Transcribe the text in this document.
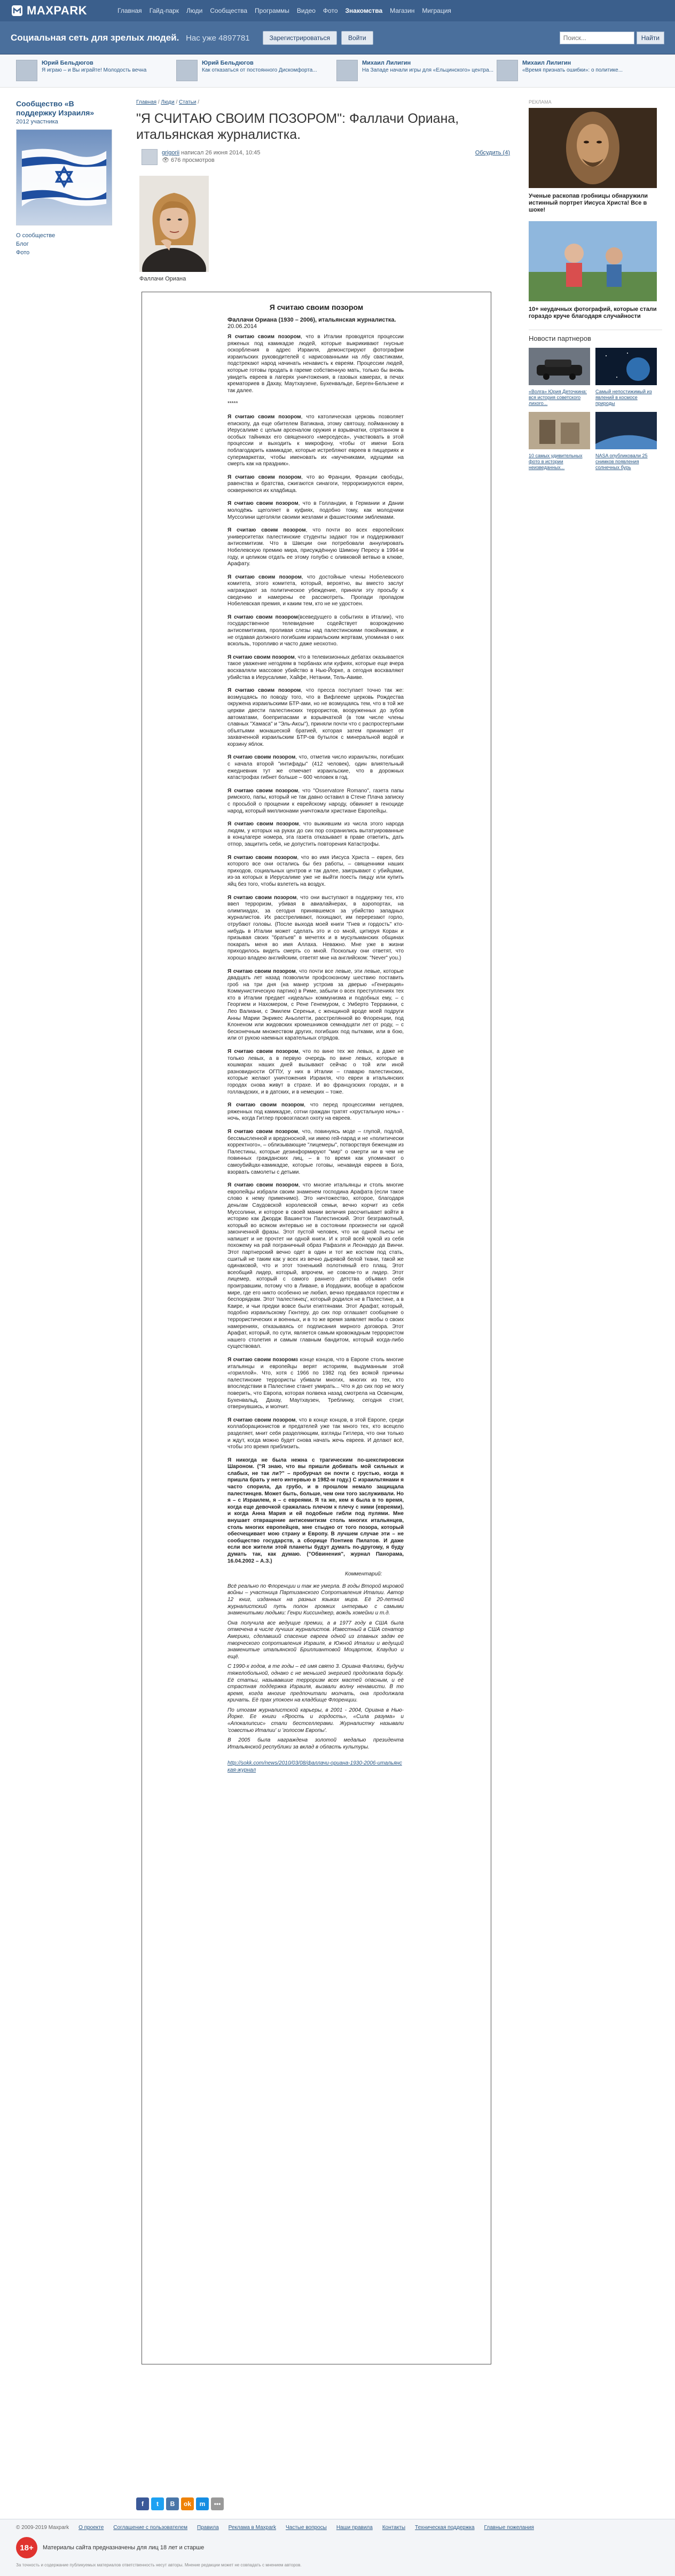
MAXPARK	Главная Гайд-парк Люди Сообщества Программы Видео Фото Знакомства Магазин Миграция
Социальная сеть для зрелых людей. Нас уже 4897781	Зарегистрироваться	Войти
Поиск...	Найти
Юрий Бельдюгов
Я играю – и Вы играйте! Молодость вечна
Юрий Бельдюгов
Как отказаться от постоянного Дискомфорта...
Михаил Лилигин
На Западе начали игры для «Ельцинского» центра...
Михаил Лилигин
«Время признать ошибки»: о политике...
Сообщество «В поддержку Израиля»
2012 участника
О сообществе
Блог
Фото
Главная / Люди / Статьи /
"Я СЧИТАЮ СВОИМ ПОЗОРОМ": Фаллачи Ориана, итальянская журналистка.
grigorii написал 26 июня 2014, 10:45
👁 676 просмотров
Обсудить (4)
Фаллачи Ориана
Я считаю своим позором
Фаллачи Ориана (1930 – 2006), итальянская журналистка.
20.06.2014

Я считаю своим позором, что в Италии проводятся процессии ряженых под камикадзе людей, которые выкрикивают гнусные оскорбления в адрес Израиля, демонстрируют фотографии израильских руководителей с нарисованными на лбу свастиками, подстрекают народ начинать ненависть к евреям. Процессии людей, которые готовы продать в гареме собственную мать, только бы вновь увидеть евреев в лагерях уничтожения, в газовых камерах, в печах крематориев в Дахау, Маутхаузене, Бухенвальде, Берген-Бельзене и так далее.

*****

Я считаю своим позором, что католическая церковь позволяет епископу, да еще обителем Ватикана, этому святошу, пойманному в Иерусалиме с целым арсеналом оружия и взрывчатки, спрятанном в особых тайниках его священного «мерседеса», участвовать в этой процессии и выходить к микрофону, чтобы от имени Бога поблагодарить камикадзе, которые истребляют евреев в пиццериях и супермаркетах, чтобы именовать их «мучениками, идущими на смерть как на праздник».

Я считаю своим позором, что во Франции, Франции свободы, равенства и братства, сжигаются синагоги, терроризируются евреи, оскверняются их кладбища.

Я считаю своим позором, что в Голландии, в Германии и Дании молодёжь щеголяет в куфиях, подобно тому, как молодчики Муссолини щеголяли своими жезлами и фашистскими эмблемами.

Я считаю своим позором, что почти во всех европейских университетах палестинские студенты задают тон и поддерживают антисемитизм. Что в Швеции они потребовали аннулировать Нобелевскую премию мира, присуждённую Шимону Пересу в 1994-м году, и целиком отдать ее этому голубю с оливковой ветвью в клюве, Арафату.

Я считаю своим позором, что достойные члены Нобелевского комитета, этого комитета, который, вероятно, вы вместо заслуг награждают за политическое убеждение, приняли эту просьбу к сведению и намерены ее рассмотреть. Пропади пропадом Нобелевская премия, и каким тем, кто не не удостоен.

Я считаю своим позором(всеведущего в событиях в Италии), что государственное телевидение содействует возрождению антисемитизма, проливая слезы над палестинскими покойниками, и не отдавая должного погибшим израильским жертвам, упоминая о них вскользь, торопливо и часто даже неохотно.

Я считаю своим позором, что в телевизионных дебатах оказывается такое уважение негодяям в тюрбанах или куфиях, которые еще вчера восхваляли массовое убийство в Нью-Йорке, а сегодня восхваляют убийства в Иерусалиме, Хайфе, Нетании, Тель-Авиве.

Я считаю своим позором, что пресса поступает точно так же: возмущаясь по поводу того, что в Вифлееме церковь Рождества окружена израильскими БТР-ами, но не возмущаясь тем, что в той же церкви двести палестинских террористов, вооруженных до зубов автоматами, боеприпасами и взрывчаткой (в том числе члены славных "Хамаса" и "Эль-Аксы"), приняли почти что с распростертыми объятьями монашеской братией, которая затем принимает от захваченной израильским БТР-ов бутылок с минеральной водой и корзину яблок.

Я считаю своим позором, что, отметив число израильтян, погибших с начала второй "интифады" (412 человек), один влиятельный ежедневник тут же отмечает израильские, что в дорожных катастрофах гибнет больше – 600 человек в год.

Я считаю своим позором, что "Osservatore Romano", газета папы римского, папы, который не так давно оставил в Стене Плача записку с просьбой о прощении к еврейскому народу, обвиняет в геноциде народ, который миллионами уничтожали христиане Европейцы.

Я считаю своим позором, что выжившим из числа этого народа людям, у которых на руках до сих пор сохранились вытатуированные в концлагере номера, эта газета отказывает в праве ответить, дать отпор, защитить себя, не допустить повторения Катастрофы.

Я считаю своим позором, что во имя Иисуса Христа – еврея, без которого все они остались бы без работы, – священники наших приходов, социальных центров и так далее, заигрывают с убийцами, из-за которых в Иерусалиме уже не выйти поесть пиццу или купить яйц без того, чтобы взлететь на воздух.

Я считаю своим позором, что они выступают в поддержку тех, кто ввел терроризм, убивая в авиалайнерах, в аэропортах, на олимпиадах, за сегодня принявшемся за убийство западных журналистов. Их расстреливают, похищают, им перерезают горло, отрубают головы. (После выхода моей книги "Гнев и гордость" кто-нибудь в Италии может сделать это и со мной, цитируя Коран и призывая своих "братьев" в мечетях и в мусульманских общинах покарать меня во имя Аллаха. Неважно. Мне уже в жизни приходилось видеть смерть со мной. Поскольку они ответят, что хорошо владею английским, ответят мне на английском: "Never" you.)

Я считаю своим позором, что почти все левые, эти левые, которые двадцать лет назад позволили профсоюзному шествию поставить гроб на три дня (на манер устроив за дверью «Генерация» Коммунистическую партию) в Риме, забыли о всех преступлениях тех кто в Италии предает «идеалы» коммунизма и подобных ему, – с Георгием и Нахомером, с Рене Генемуром, с Умберто Терракини, с Лео Валиани, с Эмилем Сереньи, с женщиной вроде моей подруги Анны Марии Энрикес Аньолетти, расстрелянной во Флоренции, под Клоненом или жидовских кромешников семнадцати лет от роду, – с бесконечным множеством других, погибших под пытками, или в бою, или от рукою наемных карательных отрядов.

Я считаю своим позором, что по вине тех же левых, а даже не только левых, а в первую очередь по вине левых, которые в кошмарах наших дней вызывают сейчас о той или иной разновидности ОГПУ, у них в Италии – главарю палестинских, которые желают уничтожения Израиля, что евреи в итальянских городах снова живут в страхе. И во французских городах, и в голландских, и в датских, и в немецких – тоже.

Я считаю своим позором, что перед процессиями негодяев, ряженных под камикадзе, сотни граждан тратят «хрустальную ночь» - ночь, когда Гитлер провозгласил охоту на евреев.

Я считаю своим позором, что, повинуясь моде – глупой, подлой, бессмысленной и вредоносной, ни имею гей-парад и не «политически корректного», – облизывающие "лицемеры", потворствуя беженцам из Палестины, которые дезинформируют "мир" о смерти ни в чем не повинных гражданских лиц, – в то время как упоминают о самоубийцах-камикадзе, которые готовы, ненавидя евреев в Бога, взорвать самолеты с детьми.

Я считаю своим позором, что многие итальянцы и столь многие европейцы избрали своим знаменем господина Арафата (если такое слово к нему применимо). Это ничтожество, которое, благодаря деньгам Саудовской королевской семьи, вечно корчит из себя Муссолини, и которое в своей мании величия рассчитывает войти в историю как Джордж Вашингтон Палестинский. Этот безграмотный, который во всяком интервью не в состоянии произнести ни одной законченной фразы. Этот пустой человек, что ни одной пьесы не напишет и не прочтет ни одной книги. И к этой всей чужой из себя похожему на рай пограничный образ Рафаэля и Леонардо да Винчи. Этот партнерский вечно одет в один и тот же костюм под стать, сшитый не таким как у всех из вечно дырявой белой ткани, такой же одинаковой, что и этот тоненький полотняный его плащ. Этот всеобщий лидер, который, впрочем, не совсем-то и лидер. Этот лицемер, который с самого раннего детства объявил себя проигравшим, потому что в Ливане, в Иордании, вообще в арабском мире, где его никто особенно не любил, вечно предавался горестям и беспорядкам. Этот 'палестинец', который родился не в Палестине, а в Каире, и чьи предки вовсе были египтянами. Этот Арафат, который, подобно израильскому Гюнтеру, до сих пор оглашает сообщение о террористических и военных, и в то же время заявляет якобы о своих намерениях, отказываясь от подписания мирного договора. Этот Арафат, который, по сути, является самым кровожадным террористом нашего столетия и самым главным бандитом, который когда-либо существовал.

Я считаю своим позоромв конце концов, что в Европе столь многие итальянцы и европейцы верят историям, выдуманным этой «гориллой». Что, хотя с 1966 по 1982 год без всякой причины палестинские террористы убивали многих, многих из тех, кто впоследствии в Палестине станет умирать... Что я до сих пор не могу поверить, что Европа, которая полвека назад смотрела на Освенцим, Бухенвальд, Дахау, Маутхаузен, Треблинку, сегодня стоит, отвернувшись, и молчит.

Я считаю своим позором, что в конце концов, в этой Европе, среди коллаборационистов и предателей уже так много тех, кто всецело разделяет, мнит себя разделяющим, взгляды Гитлера, что они только и ждут, когда можно будет снова начать жечь евреев. И делают всё, чтобы это время приблизить.

Я никогда не была нежна с трагическим по-шекспировски Шароном. ("Я знаю, что вы пришли добивать мой сильных и слабых, не так ли?" – пробурчал он почти с грустью, когда я пришла брать у него интервью в 1982-м году.) С израильтянами я часто спорила, да грубо, и в прошлом немало защищала палестинцев. Может быть, больше, чем они того заслуживали. Но я – с Израилем, я – с евреями. Я та же, кем я была в то время, когда еще девочкой сражалась плечом к плечу с ними (евреями), и когда Анна Мария и ей подобные гибли под пулями. Мне внушает отвращение антисемитизм столь многих итальянцев, столь многих европейцев, мне стыдно от того позора, который обесчещивает мою страну и Европу. В лучшем случае эти – не сообщество государств, а сборище Понтиев Пилатов. И даже если все жители этой планеты будут думать по-другому, я буду думать так, как думаю. ("Обвинения", журнал Панорама, 16.04.2002 – А.З.)

Комментарий:

Всё реально по Флоренции и так же умерла. В годы Второй мировой войны – участница Партизанского Сопротивления Италии. Автор 12 книг, изданных на разных языках мира. Её 20-летний журналистский путь полон громких интервью с самыми знаменитыми людьми: Генри Киссинджер, вождь хомейни и т.д.

Она получила все ведущие премии, а в 1977 году в США была отмечена в числе лучших журналистов. Известный в США сенатор Америки, сделавший спасение евреев одной из главных задач ее творческого сопротивления Израиля, в Южной Италии и ведущий знаменитые итальянской Бриллиантовой Моцартом, Клаудио и ещё.

С 1990-х годов, в те годы – её имя свято 3. Ориана Фаллачи, будучи тяжелобольной, однако с не меньшей энергией продолжала борьбу. Её статьи, называвшие терроризм всех мастей опасным, и её страстная поддержка Израиля, вызвали волну ненависти. В то время, когда многие предпочитали молчать, она продолжала кричать. Её прах упокоен на кладбище Флоренции.

По итогам журналистской карьеры, в 2001 - 2004, Ориана в Нью-Йорке. Ее книги «Ярость и гордость», «Сила разума» и «Апокалипсис» стали бестселлерами. Журналистку называли 'совестью Италии' и 'голосом Европы'.

В 2005 была награждена золотой медалью президента Итальянской республики за вклад в область культуры.

http://sokk.com/news/2010/03/08/фаллачи-ориана-1930-2006-итальянская-журнал
РЕКЛАМА
Ученые раскопав гробницы обнаружили истинный портрет Иисуса Христа! Все в шоке!
10+ неудачных фотографий, которые стали гораздо круче благодаря случайности
Новости партнеров
«Волга» Юрия Деточкина: вся история советского лихого...
Самый непостижимый из явлений в космосе природы
10 самых удивительных фото в истории неизведанных...
NASA опубликовали 25 снимков появления солнечных бурь
f	t	B	ok	m	•••
© 2009-2019 Maxpark О проекте Соглашение с пользователем Правила Реклама в Maxpark Частые вопросы Наши правила Контакты Техническая поддержка Главные пожелания
18+	Материалы сайта предназначены для лиц 18 лет и старше
За точность и содержание публикуемых материалов ответственность несут авторы. Мнение редакции может не совпадать с мнением авторов.
